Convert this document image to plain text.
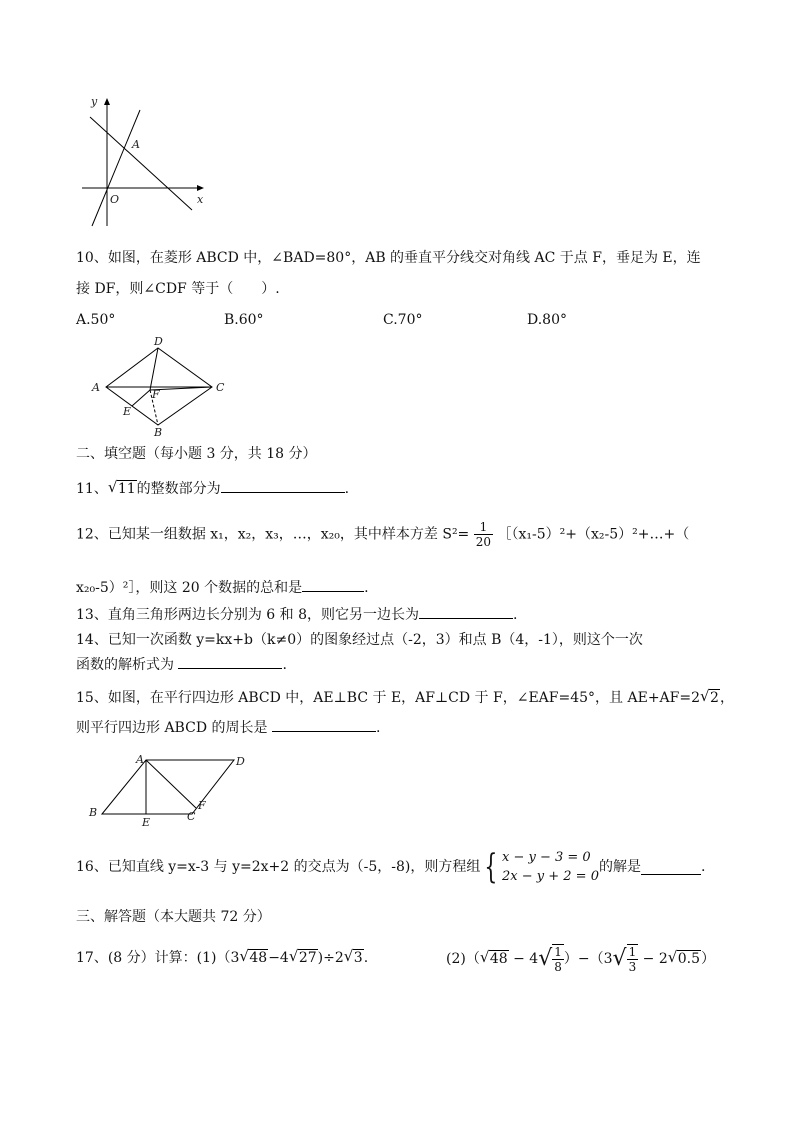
y
x
O
A
10、如图，在菱形 ABCD 中，∠BAD=80°，AB 的垂直平分线交对角线 AC 于点 F，垂足为 E，连
接 DF，则∠CDF 等于（　　）.
A.50°	B.60°	C.70°	D.80°
A
D
C
B
E
F
二、填空题（每小题 3 分，共 18 分）
11、 √ 11的整数部分为	.
12、已知某一组数据 x₁，x₂，x₃，…，x₂₀，其中样本方差 $S^2= \frac{1}{20}$ ［（x₁-5）²+（x₂-5）²+…+（
x₂₀-5）²］，则这 20 个数据的总和是	.
13、直角三角形两边长分别为 6 和 8，则它另一边长为	.
14、已知一次函数 y=kx+b（k≠0）的图象经过点（-2，3）和点 B（4，-1），则这个一次
函数的解析式为	.
15、如图，在平行四边形 ABCD 中，AE⊥BC 于 E，AF⊥CD 于 F，∠EAF=45°，且 AE+AF=2 √ 2，
则平行四边形 ABCD 的周长是	.
A	D
B
E	C
F
16、已知直线 y=x-3 与 y=2x+2 的交点为（-5，-8)，则方程组 { x − y − 3 = 0
2x − y + 2 = 0
的解是	.
三、解答题（本大题共 72 分）
17、(8 分）计算：(1)（3 √ 48−4 √ 27)÷2 √ 3.	(2)（ √ $48 - 4√ \frac{1}{8} )-(3√ \frac{1}{3} - 2$ √ 0.5）
